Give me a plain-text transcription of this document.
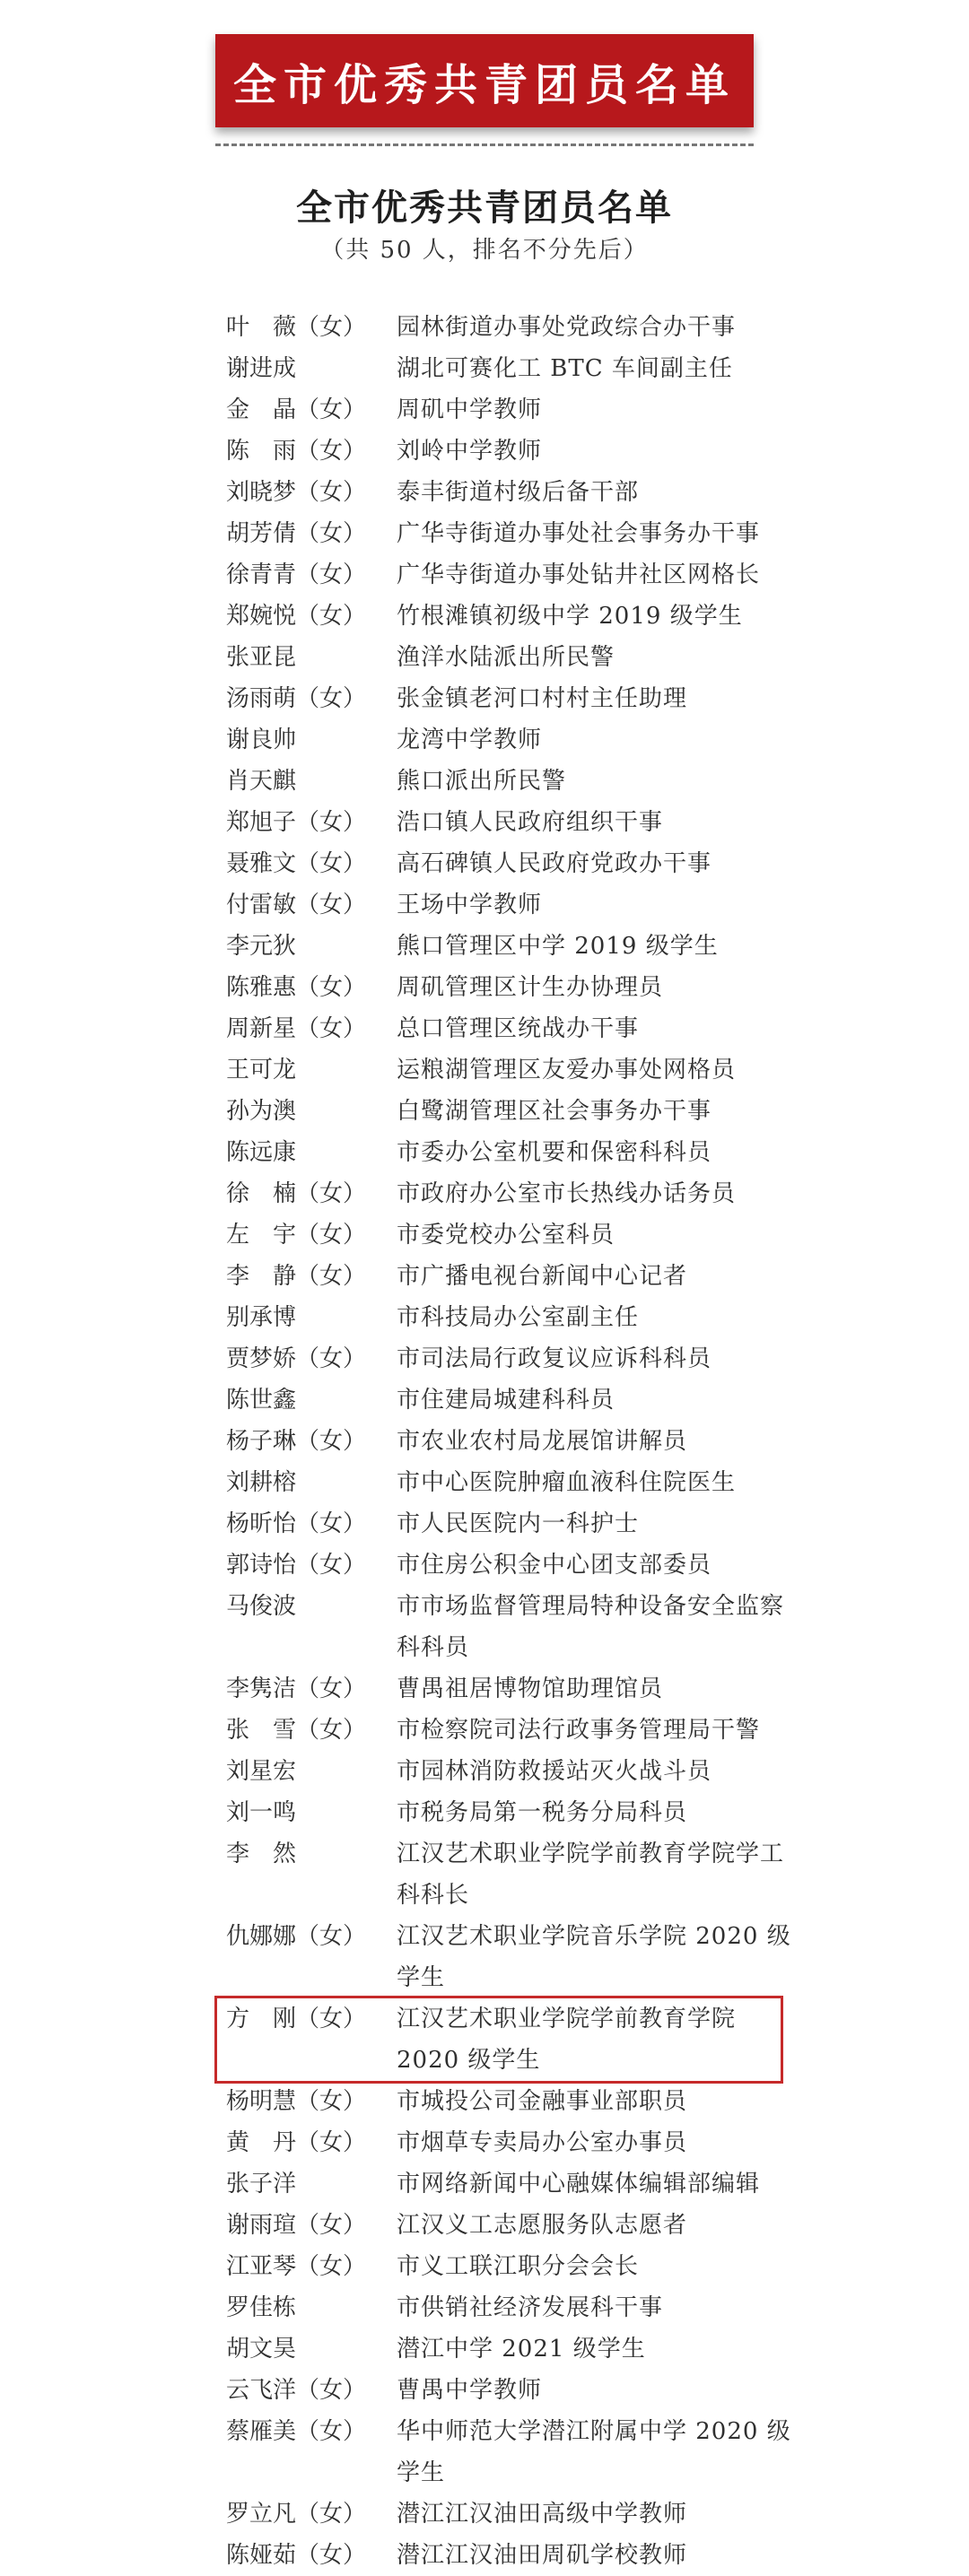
全市优秀共青团员名单
全市优秀共青团员名单
（共 50 人，排名不分先后）
叶　薇（女）	园林街道办事处党政综合办干事
谢进成	湖北可赛化工 BTC 车间副主任
金　晶（女）	周矶中学教师
陈　雨（女）	刘岭中学教师
刘晓梦（女）	泰丰街道村级后备干部
胡芳倩（女）	广华寺街道办事处社会事务办干事
徐青青（女）	广华寺街道办事处钻井社区网格长
郑婉悦（女）	竹根滩镇初级中学 2019 级学生
张亚昆	渔洋水陆派出所民警
汤雨萌（女）	张金镇老河口村村主任助理
谢良帅	龙湾中学教师
肖天麒	熊口派出所民警
郑旭子（女）	浩口镇人民政府组织干事
聂雅文（女）	高石碑镇人民政府党政办干事
付雷敏（女）	王场中学教师
李元狄	熊口管理区中学 2019 级学生
陈雅惠（女）	周矶管理区计生办协理员
周新星（女）	总口管理区统战办干事
王可龙	运粮湖管理区友爱办事处网格员
孙为澳	白鹭湖管理区社会事务办干事
陈远康	市委办公室机要和保密科科员
徐　楠（女）	市政府办公室市长热线办话务员
左　宇（女）	市委党校办公室科员
李　静（女）	市广播电视台新闻中心记者
别承博	市科技局办公室副主任
贾梦娇（女）	市司法局行政复议应诉科科员
陈世鑫	市住建局城建科科员
杨子琳（女）	市农业农村局龙展馆讲解员
刘耕榕	市中心医院肿瘤血液科住院医生
杨昕怡（女）	市人民医院内一科护士
郭诗怡（女）	市住房公积金中心团支部委员
马俊波	市市场监督管理局特种设备安全监察科科员
李隽洁（女）	曹禺祖居博物馆助理馆员
张　雪（女）	市检察院司法行政事务管理局干警
刘星宏	市园林消防救援站灭火战斗员
刘一鸣	市税务局第一税务分局科员
李　然	江汉艺术职业学院学前教育学院学工科科长
仇娜娜（女）	江汉艺术职业学院音乐学院 2020 级学生
方　刚（女）	江汉艺术职业学院学前教育学院 2020 级学生
杨明慧（女）	市城投公司金融事业部职员
黄　丹（女）	市烟草专卖局办公室办事员
张子洋	市网络新闻中心融媒体编辑部编辑
谢雨瑄（女）	江汉义工志愿服务队志愿者
江亚琴（女）	市义工联江职分会会长
罗佳栋	市供销社经济发展科干事
胡文昊	潜江中学 2021 级学生
云飞洋（女）	曹禺中学教师
蔡雁美（女）	华中师范大学潜江附属中学 2020 级学生
罗立凡（女）	潜江江汉油田高级中学教师
陈娅茹（女）	潜江江汉油田周矶学校教师
